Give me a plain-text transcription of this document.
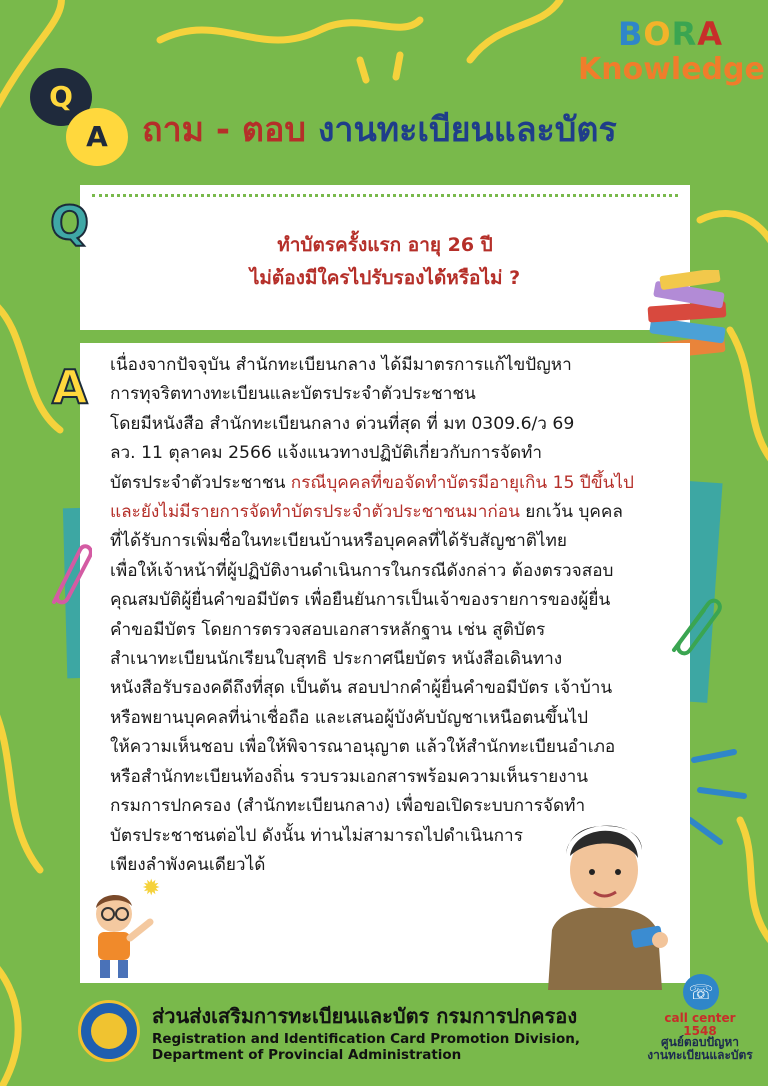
BORA
Knowledge
Q
A	ถาม - ตอบ งานทะเบียนและบัตร
ทำบัตรครั้งแรก อายุ 26 ปี
ไม่ต้องมีใครไปรับรองได้หรือไม่ ?
Q
เนื่องจากปัจจุบัน สำนักทะเบียนกลาง ได้มีมาตรการแก้ไขปัญหา
การทุจริตทางทะเบียนและบัตรประจำตัวประชาชน
โดยมีหนังสือ สำนักทะเบียนกลาง ด่วนที่สุด ที่ มท 0309.6/ว 69
ลว. 11 ตุลาคม 2566 แจ้งแนวทางปฏิบัติเกี่ยวกับการจัดทำ
บัตรประจำตัวประชาชน กรณีบุคคลที่ขอจัดทำบัตรมีอายุเกิน 15 ปีขึ้นไป
และยังไม่มีรายการจัดทำบัตรประจำตัวประชาชนมาก่อน ยกเว้น บุคคล
ที่ได้รับการเพิ่มชื่อในทะเบียนบ้านหรือบุคคลที่ได้รับสัญชาติไทย
เพื่อให้เจ้าหน้าที่ผู้ปฏิบัติงานดำเนินการในกรณีดังกล่าว ต้องตรวจสอบ
คุณสมบัติผู้ยื่นคำขอมีบัตร เพื่อยืนยันการเป็นเจ้าของรายการของผู้ยื่น
คำขอมีบัตร โดยการตรวจสอบเอกสารหลักฐาน เช่น สูติบัตร
สำเนาทะเบียนนักเรียนใบสุทธิ ประกาศนียบัตร หนังสือเดินทาง
หนังสือรับรองคดีถึงที่สุด เป็นต้น สอบปากคำผู้ยื่นคำขอมีบัตร เจ้าบ้าน
หรือพยานบุคคลที่น่าเชื่อถือ และเสนอผู้บังคับบัญชาเหนือตนขึ้นไป
ให้ความเห็นชอบ เพื่อให้พิจารณาอนุญาต แล้วให้สำนักทะเบียนอำเภอ
หรือสำนักทะเบียนท้องถิ่น รวบรวมเอกสารพร้อมความเห็นรายงาน
กรมการปกครอง (สำนักทะเบียนกลาง) เพื่อขอเปิดระบบการจัดทำ
บัตรประชาชนต่อไป ดังนั้น ท่านไม่สามารถไปดำเนินการ
เพียงลำพังคนเดียวได้
A
✹
ส่วนส่งเสริมการทะเบียนและบัตร กรมการปกครอง
Registration and Identification Card Promotion Division,
Department of Provincial Administration
☏
call center
1548
ศูนย์ตอบปัญหา
งานทะเบียนและบัตร
